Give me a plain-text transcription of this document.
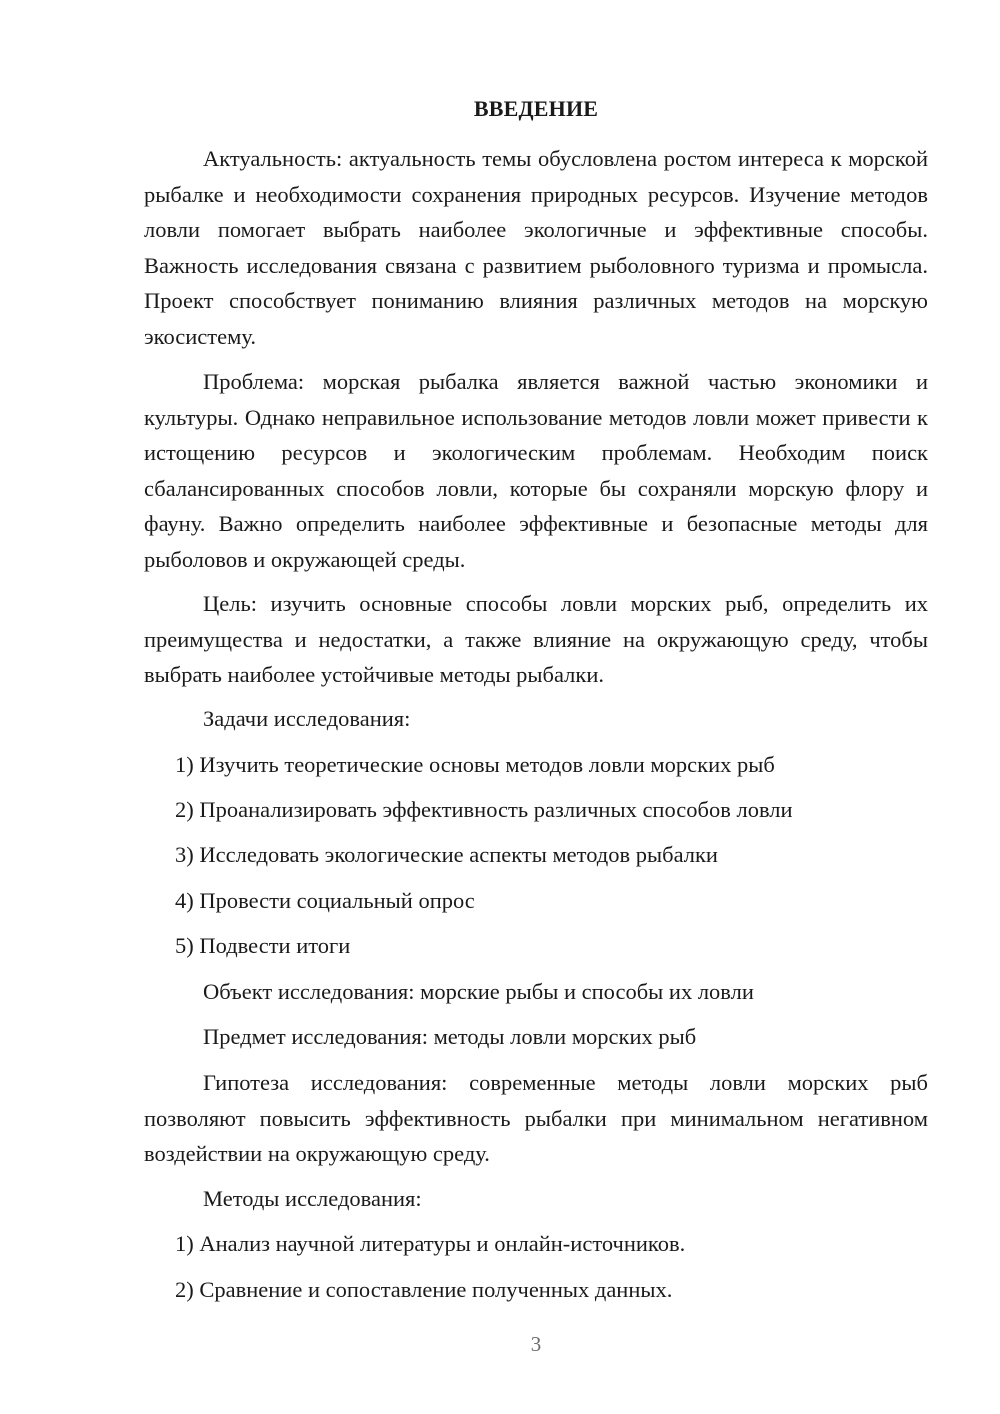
ВВЕДЕНИЕ

Актуальность: актуальность темы обусловлена ростом интереса к морской рыбалке и необходимости сохранения природных ресурсов. Изучение методов ловли помогает выбрать наиболее экологичные и эффективные способы. Важность исследования связана с развитием рыболовного туризма и промысла. Проект способствует пониманию влияния различных методов на морскую экосистему.

Проблема: морская рыбалка является важной частью экономики и культуры. Однако неправильное использование методов ловли может привести к истощению ресурсов и экологическим проблемам. Необходим поиск сбалансированных способов ловли, которые бы сохраняли морскую флору и фауну. Важно определить наиболее эффективные и безопасные методы для рыболовов и окружающей среды.

Цель: изучить основные способы ловли морских рыб, определить их преимущества и недостатки, а также влияние на окружающую среду, чтобы выбрать наиболее устойчивые методы рыбалки.

Задачи исследования:

1) Изучить теоретические основы методов ловли морских рыб

2) Проанализировать эффективность различных способов ловли

3) Исследовать экологические аспекты методов рыбалки

4) Провести социальный опрос

5) Подвести итоги

Объект исследования: морские рыбы и способы их ловли

Предмет исследования: методы ловли морских рыб

Гипотеза исследования: современные методы ловли морских рыб позволяют повысить эффективность рыбалки при минимальном негативном воздействии на окружающую среду.

Методы исследования:

1) Анализ научной литературы и онлайн-источников.

2) Сравнение и сопоставление полученных данных.

3
